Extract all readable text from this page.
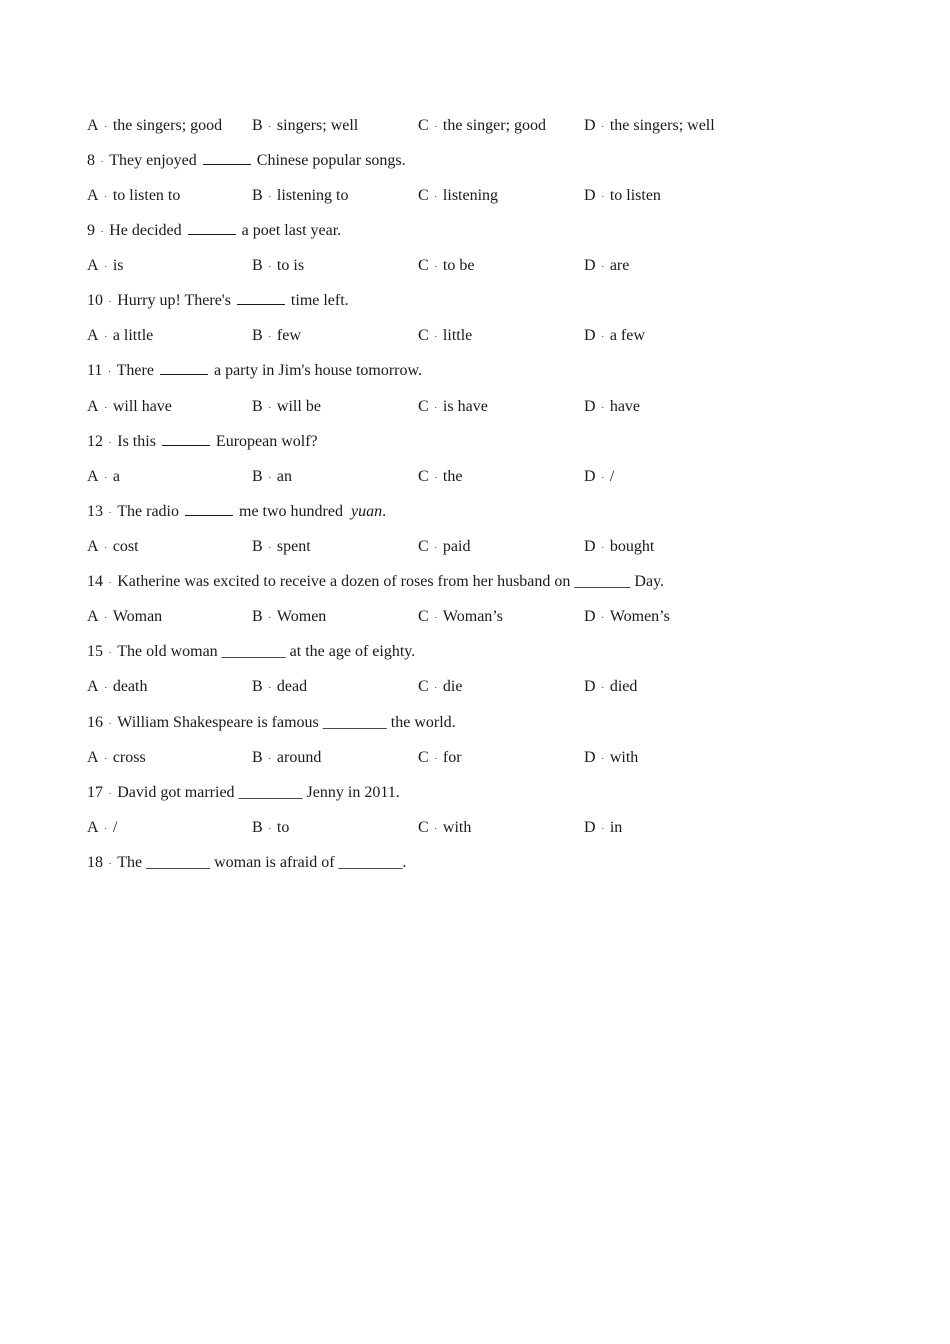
A . the singers; good B . singers; well	C . the singer; good D . the singers; well
8 . They enjoyed	Chinese popular songs.
A . to listen to	B . listening to	C . listening	D . to listen
9 . He decided	a poet last year.
A . is	B . to is	C . to be	D . are
10 . Hurry up! There's	time left.
A . a little	B . few	C . little	D . a few
11 . There	a party in Jim's house tomorrow.
A . will have	B . will be	C . is have	D . have
12 . Is this	European wolf?
A . a	B . an	C . the	D . /
13 . The radio	me two hundred yuan.
A . cost	B . spent	C . paid	D . bought
14 . Katherine was excited to receive a dozen of roses from her husband on _______ Day.
A . Woman	B . Women	C . Woman’s	D . Women’s
15 . The old woman ________ at the age of eighty.
A . death	B . dead	C . die	D . died
16 . William Shakespeare is famous ________ the world.
A . cross	B . around	C . for	D . with
17 . David got married ________ Jenny in 2011.
A . /	B . to	C . with	D . in
18 . The ________ woman is afraid of ________.
